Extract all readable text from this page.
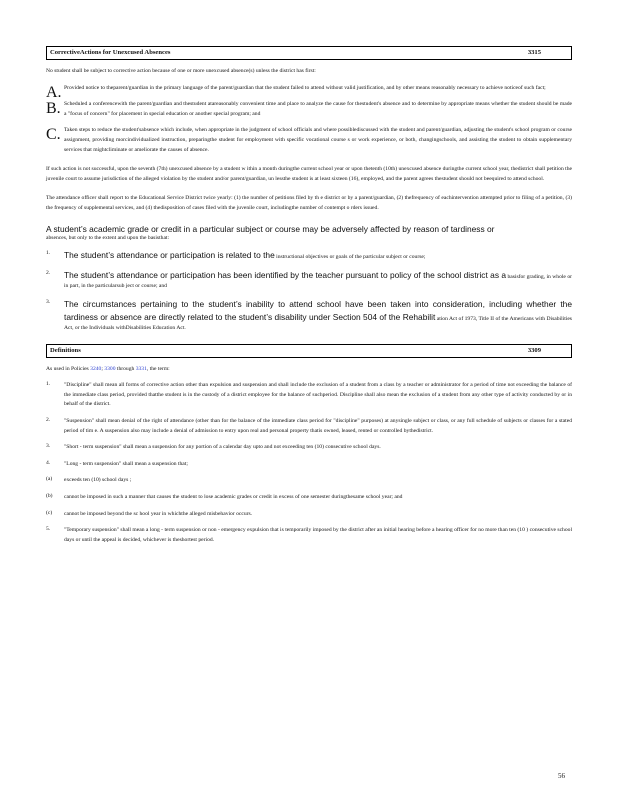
CorrectiveActions for Unexcused Absences	3315

No student shall be subject to corrective action because of one or more unexcused absence(s) unless the district has first:

A. Provided notice to theparent/guardian in the primary language of the parent/guardian that the student failed to attend without valid justification, and by other means reasonably necessary to achieve noticeof such fact;

B. Scheduled a conferencewith the parent/guardian and thestudent atareasonably convenient time and place to analyze the cause for thestudent's absence and to determine by appropriate means whether the student should be made a "focus of concern" for placement in special education or another special program; and

C. Taken steps to reduce the student'sabsence which include, when appropriate in the judgment of school officials and where possiblediscussed with the student and parent/guardian, adjusting the student's school program or course assignment, providing morcindividualized instruction, preparingthe student for employment with specific vocational course s or work experience, or both, changingschools, and assisting the student to obtain supplementary services that mightcliminate or ameliorate the causes of absence.

If such action is not successful, upon the seventh (7th) unexcused absence by a student w ithin a month duringthe current school year or upon thetenth (10th) unexcused absence duringthe current school year, thedistrict shall petition the juvenile court to assume jurisdiction of the alleged violation by the student and/or parent/guardian, un lessthe student is at least sixteen (16), employed, and the parent agrees thestudent should not beequired to attend school.

The attendance officer shall report to the Educational Service District twice yearly: (1) the number of petitions filed by th e district or by a parent/guardian, (2) thefrequency of eachintervention attempted prior to filing of a petition, (3) the frequency of supplemental services, and (4) thedisposition of cases filed with the juvenile court, includingthe number of contempt o rders issued.

A student’s academic grade or credit in a particular subject or course may be adversely affected by reason of tardiness or

absences, but only to the extent and upon the basisthat:

1. The student’s attendance or participation is related to the instructional objectives or goals of the particular subject or course;

2. The student’s attendance or participation has been identified by the teacher pursuant to policy of the school district as a basisfor grading, in whole or in part, in the particularsub ject or course; and

3. The circumstances pertaining to the student’s inability to attend school have been taken into consideration, including whether the tardiness or absence are directly related to the student’s disability under Section 504 of the Rehabilit ation Act of 1973, Title II of the Americans with Disabilities Act, or the Individuals withDisabilities Education Act.

Definitions	3309

As used in Policies 3240; 3300 through 3331, the term:

1. "Discipline" shall mean all forms of corrective action other than expulsion and suspension and shall include the exclusion of a student from a class by a teacher or administrator for a period of time not exceeding the balance of the immediate class period, provided thatthe student is in the custody of a district employee for the balance of suchperiod. Discipline shall also mean the exclusion of a student from any other type of activity conducted by or in behalf of the district.

2. "Suspension" shall mean denial of the right of attendance (other than for the balance of the immediate class period for "discipline" purposes) at anysingle subject or class, or any full schedule of subjects or classes for a stated period of tim e. A suspension also may include a denial of admission to entry upon real and personal property thatis owned, leased, rented or controlled bythedistrict.

3. "Short - term suspension" shall mean a suspension for any portion of a calendar day upto and not exceeding ten (10) consecutive school days.

4. "Long - term suspension" shall mean a suspension that;

(a) exceeds ten (10) school days ;

(b) cannot be imposed in such a manner that causes the student to lose academic grades or credit in excess of one semester duringthesame school year; and

(c) cannot be imposed beyond the sc hool year in whichthe alleged misbehavior occurs.

5. "Temporary suspension" shall mean a long - term suspension or non - emergency expulsion that is temporarily imposed by the district after an initial hearing before a hearing officer for no more than ten (10 ) consecutive school days or until the appeal is decided, whichever is theshortest period.

56
